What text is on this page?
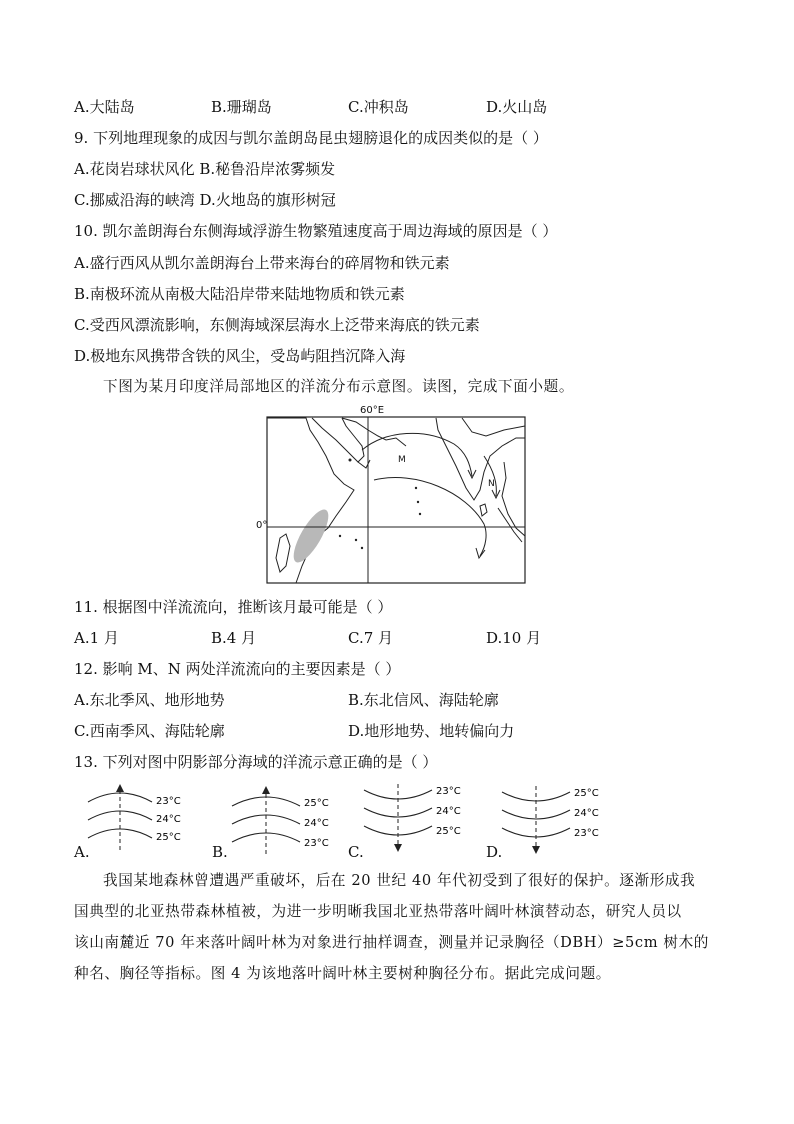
A.大陆岛	B.珊瑚岛	C.冲积岛	D.火山岛
9. 下列地理现象的成因与凯尔盖朗岛昆虫翅膀退化的成因类似的是（ ）
A.花岗岩球状风化 B.秘鲁沿岸浓雾频发
C.挪威沿海的峡湾 D.火地岛的旗形树冠
10. 凯尔盖朗海台东侧海域浮游生物繁殖速度高于周边海域的原因是（ ）
A.盛行西风从凯尔盖朗海台上带来海台的碎屑物和铁元素
B.南极环流从南极大陆沿岸带来陆地物质和铁元素
C.受西风漂流影响，东侧海域深层海水上泛带来海底的铁元素
D.极地东风携带含铁的风尘，受岛屿阻挡沉降入海
下图为某月印度洋局部地区的洋流分布示意图。读图，完成下面小题。
M
N
60°E
0°
11. 根据图中洋流流向，推断该月最可能是（ ）
A.1 月	B.4 月	C.7 月	D.10 月
12. 影响 M、N 两处洋流流向的主要因素是（ ）
A.东北季风、地形地势	B.东北信风、海陆轮廓
C.西南季风、海陆轮廓	D.地形地势、地转偏向力
13. 下列对图中阴影部分海域的洋流示意正确的是（ ）
23°C
24°C
25°C
A.
25°C
24°C
23°C
B.
23°C
24°C
25°C
C.
25°C
24°C
23°C
D.
我国某地森林曾遭遇严重破坏，后在 20 世纪 40 年代初受到了很好的保护。逐渐形成我
国典型的北亚热带森林植被，为进一步明晰我国北亚热带落叶阔叶林演替动态，研究人员以
该山南麓近 70 年来落叶阔叶林为对象进行抽样调查，测量并记录胸径（DBH）≥5cm 树木的
种名、胸径等指标。图 4 为该地落叶阔叶林主要树种胸径分布。据此完成问题。
